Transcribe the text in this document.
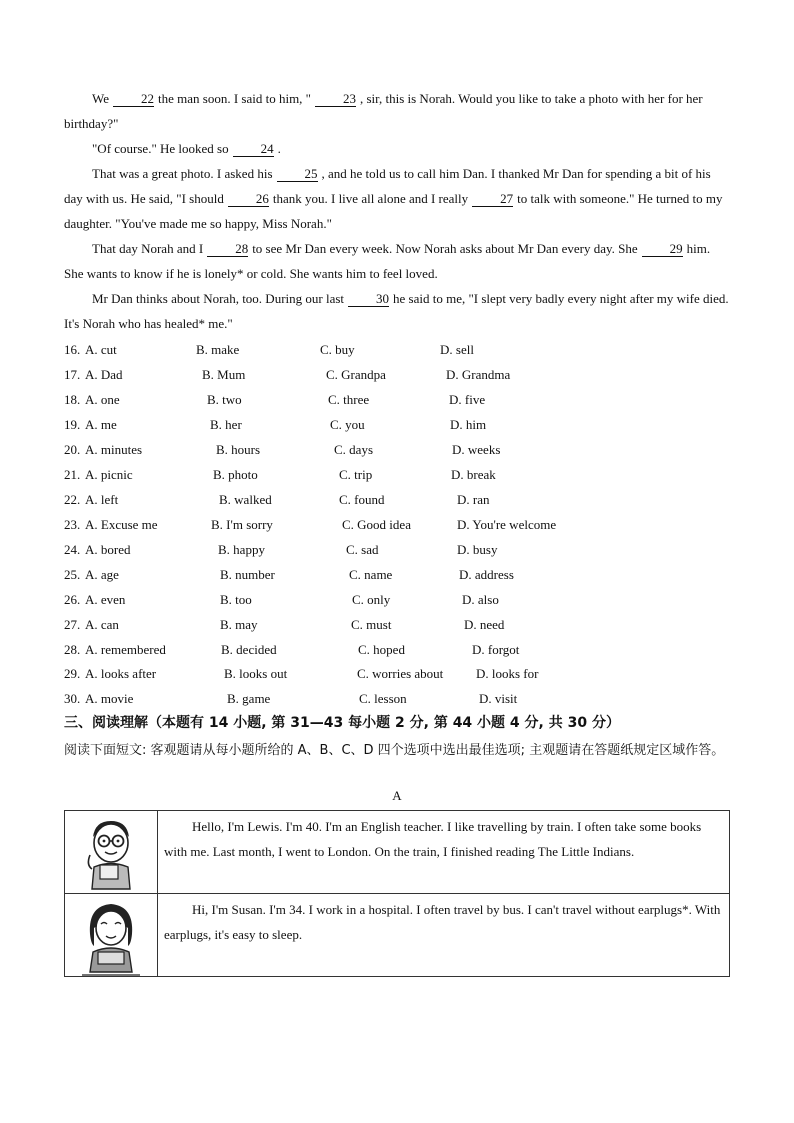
We 22 the man soon. I said to him, " 23 , sir, this is Norah. Would you like to take a photo with her for her birthday?"

"Of course." He looked so 24 .

That was a great photo. I asked his 25 , and he told us to call him Dan. I thanked Mr Dan for spending a bit of his day with us. He said, "I should 26 thank you. I live all alone and I really 27 to talk with someone." He turned to my daughter. "You've made me so happy, Miss Norah."

That day Norah and I 28 to see Mr Dan every week. Now Norah asks about Mr Dan every day. She 29 him. She wants to know if he is lonely* or cold. She wants him to feel loved.

Mr Dan thinks about Norah, too. During our last 30 he said to me, "I slept very badly every night after my wife died. It's Norah who has healed* me."

16. A. cut	B. make	C. buy	D. sell
17. A. Dad	B. Mum	C. Grandpa	D. Grandma
18. A. one	B. two	C. three	D. five
19. A. me	B. her	C. you	D. him
20. A. minutes	B. hours	C. days	D. weeks
21. A. picnic	B. photo	C. trip	D. break
22. A. left	B. walked	C. found	D. ran
23. A. Excuse me	B. I'm sorry	C. Good idea	D. You're welcome
24. A. bored	B. happy	C. sad	D. busy
25. A. age	B. number	C. name	D. address
26. A. even	B. too	C. only	D. also
27. A. can	B. may	C. must	D. need
28. A. remembered	B. decided	C. hoped	D. forgot
29. A. looks after	B. looks out	C. worries about	D. looks for
30. A. movie	B. game	C. lesson	D. visit
三、阅读理解（本题有 14 小题, 第 31—43 每小题 2 分, 第 44 小题 4 分, 共 30 分）
阅读下面短文: 客观题请从每小题所给的 A、B、C、D 四个选项中选出最佳选项; 主观题请在答题纸规定区域作答。
A

Hello, I'm Lewis. I'm 40. I'm an English teacher. I like travelling by train. I often take some books with me. Last month, I went to London. On the train, I finished reading The Little Indians.

Hi, I'm Susan. I'm 34. I work in a hospital. I often travel by bus. I can't travel without earplugs*. With earplugs, it's easy to sleep.
